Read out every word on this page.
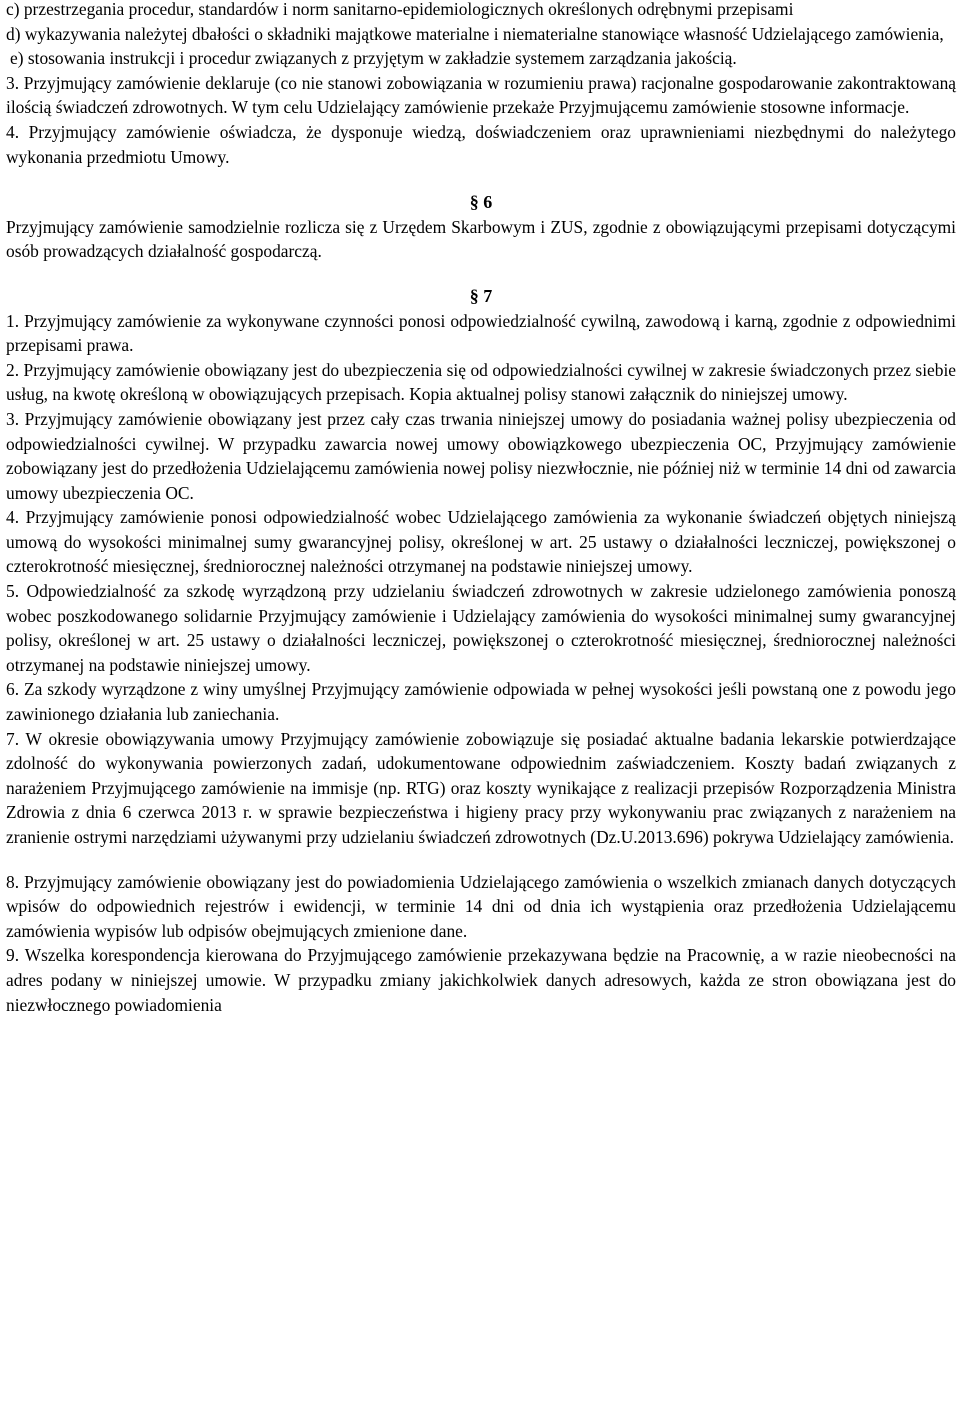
c) przestrzegania procedur, standardów i norm sanitarno-epidemiologicznych określonych odrębnymi przepisami

d) wykazywania należytej dbałości o składniki majątkowe materialne i niematerialne stanowiące własność Udzielającego zamówienia,

e) stosowania instrukcji i procedur związanych z przyjętym w zakładzie systemem zarządzania jakością.

3. Przyjmujący zamówienie deklaruje (co nie stanowi zobowiązania w rozumieniu prawa) racjonalne gospodarowanie zakontraktowaną ilością świadczeń zdrowotnych. W tym celu Udzielający zamówienie przekaże Przyjmującemu zamówienie stosowne informacje.

4. Przyjmujący zamówienie oświadcza, że dysponuje wiedzą, doświadczeniem oraz uprawnieniami niezbędnymi do należytego wykonania przedmiotu Umowy.

§ 6

Przyjmujący zamówienie samodzielnie rozlicza się z Urzędem Skarbowym i ZUS, zgodnie z obowiązującymi przepisami dotyczącymi osób prowadzących działalność gospodarczą.

§ 7

1. Przyjmujący zamówienie za wykonywane czynności ponosi odpowiedzialność cywilną, zawodową i karną, zgodnie z odpowiednimi przepisami prawa.

2. Przyjmujący zamówienie obowiązany jest do ubezpieczenia się od odpowiedzialności cywilnej w zakresie świadczonych przez siebie usług, na kwotę określoną w obowiązujących przepisach. Kopia aktualnej polisy stanowi załącznik do niniejszej umowy.

3. Przyjmujący zamówienie obowiązany jest przez cały czas trwania niniejszej umowy do posiadania ważnej polisy ubezpieczenia od odpowiedzialności cywilnej. W przypadku zawarcia nowej umowy obowiązkowego ubezpieczenia OC, Przyjmujący zamówienie zobowiązany jest do przedłożenia Udzielającemu zamówienia nowej polisy niezwłocznie, nie później niż w terminie 14 dni od zawarcia umowy ubezpieczenia OC.

4. Przyjmujący zamówienie ponosi odpowiedzialność wobec Udzielającego zamówienia za wykonanie świadczeń objętych niniejszą umową do wysokości minimalnej sumy gwarancyjnej polisy, określonej w art. 25 ustawy o działalności leczniczej, powiększonej o czterokrotność miesięcznej, średniorocznej należności otrzymanej na podstawie niniejszej umowy.

5. Odpowiedzialność za szkodę wyrządzoną przy udzielaniu świadczeń zdrowotnych w zakresie udzielonego zamówienia ponoszą wobec poszkodowanego solidarnie Przyjmujący zamówienie i Udzielający zamówienia do wysokości minimalnej sumy gwarancyjnej polisy, określonej w art. 25 ustawy o działalności leczniczej, powiększonej o czterokrotność miesięcznej, średniorocznej należności otrzymanej na podstawie niniejszej umowy.

6. Za szkody wyrządzone z winy umyślnej Przyjmujący zamówienie odpowiada w pełnej wysokości jeśli powstaną one z powodu jego zawinionego działania lub zaniechania.

7. W okresie obowiązywania umowy Przyjmujący zamówienie zobowiązuje się posiadać aktualne badania lekarskie potwierdzające zdolność do wykonywania powierzonych zadań, udokumentowane odpowiednim zaświadczeniem. Koszty badań związanych z narażeniem Przyjmującego zamówienie na immisje (np. RTG) oraz koszty wynikające z realizacji przepisów Rozporządzenia Ministra Zdrowia z dnia 6 czerwca 2013 r. w sprawie bezpieczeństwa i higieny pracy przy wykonywaniu prac związanych z narażeniem na zranienie ostrymi narzędziami używanymi przy udzielaniu świadczeń zdrowotnych (Dz.U.2013.696) pokrywa Udzielający zamówienia.

8. Przyjmujący zamówienie obowiązany jest do powiadomienia Udzielającego zamówienia o wszelkich zmianach danych dotyczących wpisów do odpowiednich rejestrów i ewidencji, w terminie 14 dni od dnia ich wystąpienia oraz przedłożenia Udzielającemu zamówienia wypisów lub odpisów obejmujących zmienione dane.

9. Wszelka korespondencja kierowana do Przyjmującego zamówienie przekazywana będzie na Pracownię, a w razie nieobecności na adres podany w niniejszej umowie. W przypadku zmiany jakichkolwiek danych adresowych, każda ze stron obowiązana jest do niezwłocznego powiadomienia
